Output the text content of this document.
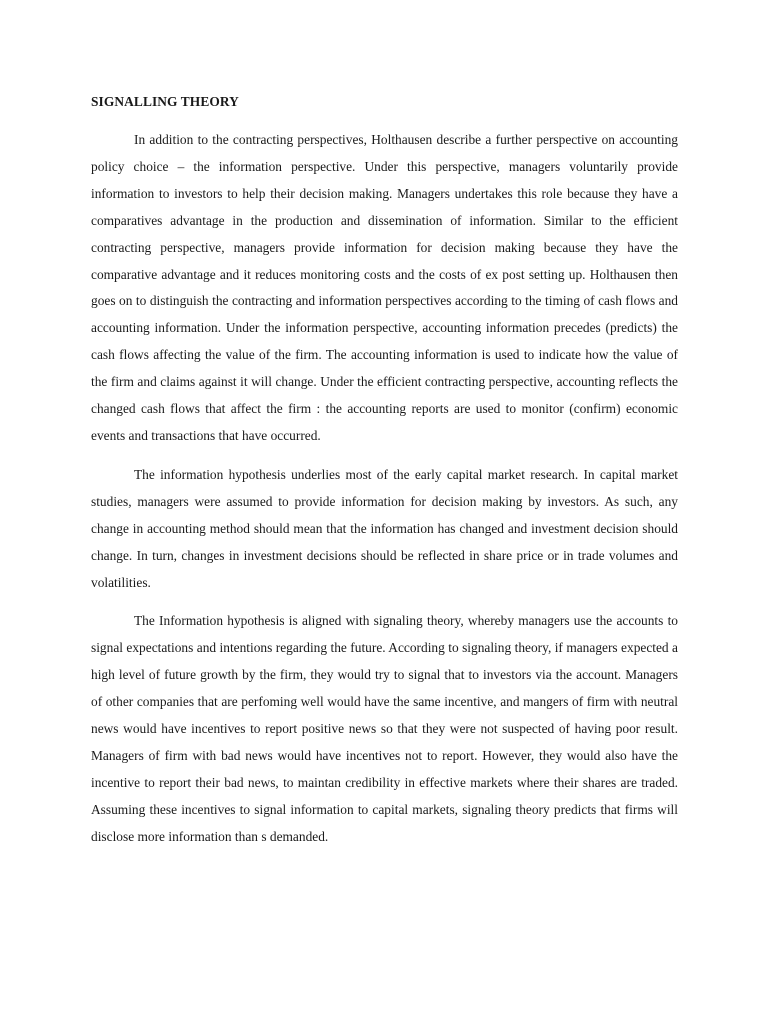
SIGNALLING THEORY

In addition to the contracting perspectives, Holthausen describe a further perspective on accounting policy choice – the information perspective. Under this perspective, managers voluntarily provide information to investors to help their decision making. Managers undertakes this role because they have a comparatives advantage in the production and dissemination of information. Similar to the efficient contracting perspective, managers provide information for decision making because they have the comparative advantage and it reduces monitoring costs and the costs of ex post setting up. Holthausen then goes on to distinguish the contracting and information perspectives according to the timing of cash flows and accounting information. Under the information perspective, accounting information precedes (predicts) the cash flows affecting the value of the firm. The accounting information is used to indicate how the value of the firm and claims against it will change. Under the efficient contracting perspective, accounting reflects the changed cash flows that affect the firm : the accounting reports are used to monitor (confirm) economic events and transactions that have occurred.

The information hypothesis underlies most of the early capital market research. In capital market studies, managers were assumed to provide information for decision making by investors. As such, any change in accounting method should mean that the information has changed and investment decision should change. In turn, changes in investment decisions should be reflected in share price or in trade volumes and volatilities.

The Information hypothesis is aligned with signaling theory, whereby managers use the accounts to signal expectations and intentions regarding the future. According to signaling theory, if managers expected a high level of future growth by the firm, they would try to signal that to investors via the account. Managers of other companies that are perfoming well would have the same incentive, and mangers of firm with neutral news would have incentives to report positive news so that they were not suspected of having poor result. Managers of firm with bad news would have incentives not to report. However, they would also have the incentive to report their bad news, to maintan credibility in effective markets where their shares are traded. Assuming these incentives to signal information to capital markets, signaling theory predicts that firms will disclose more information than s demanded.
